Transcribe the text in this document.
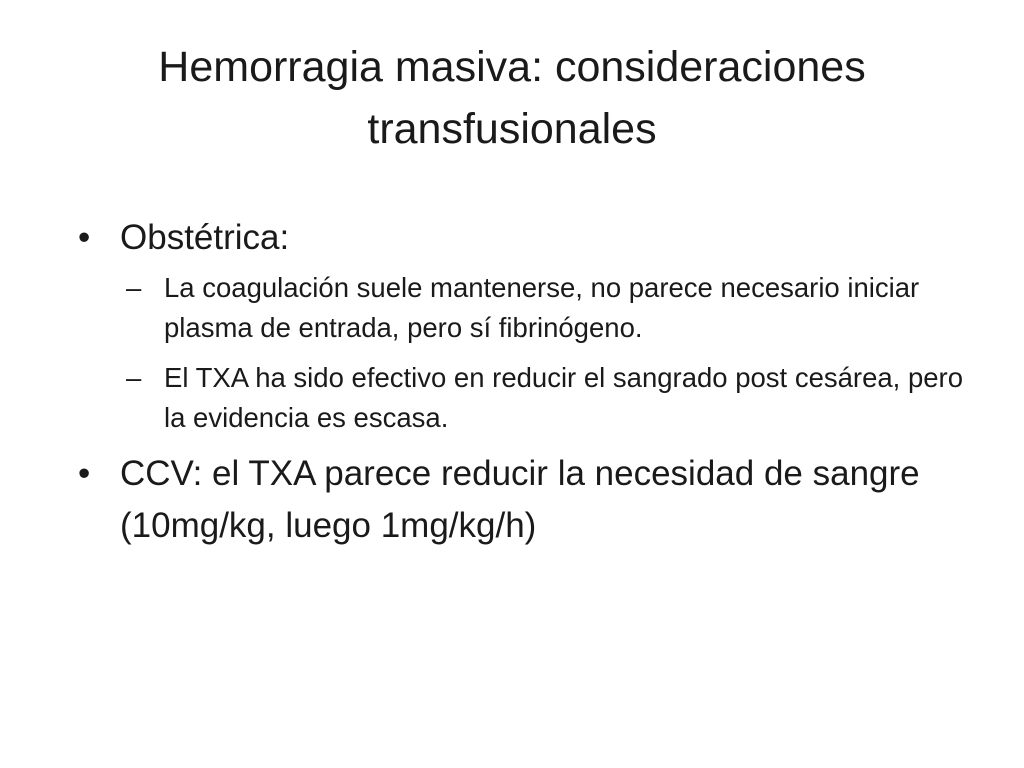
Hemorragia masiva: consideraciones
transfusionales
• Obstétrica:
– La coagulación suele mantenerse, no parece necesario iniciar plasma de entrada, pero sí fibrinógeno.
– El TXA ha sido efectivo en reducir el sangrado post cesárea, pero la evidencia es escasa.
• CCV: el TXA parece reducir la necesidad de sangre (10mg/kg, luego 1mg/kg/h)
